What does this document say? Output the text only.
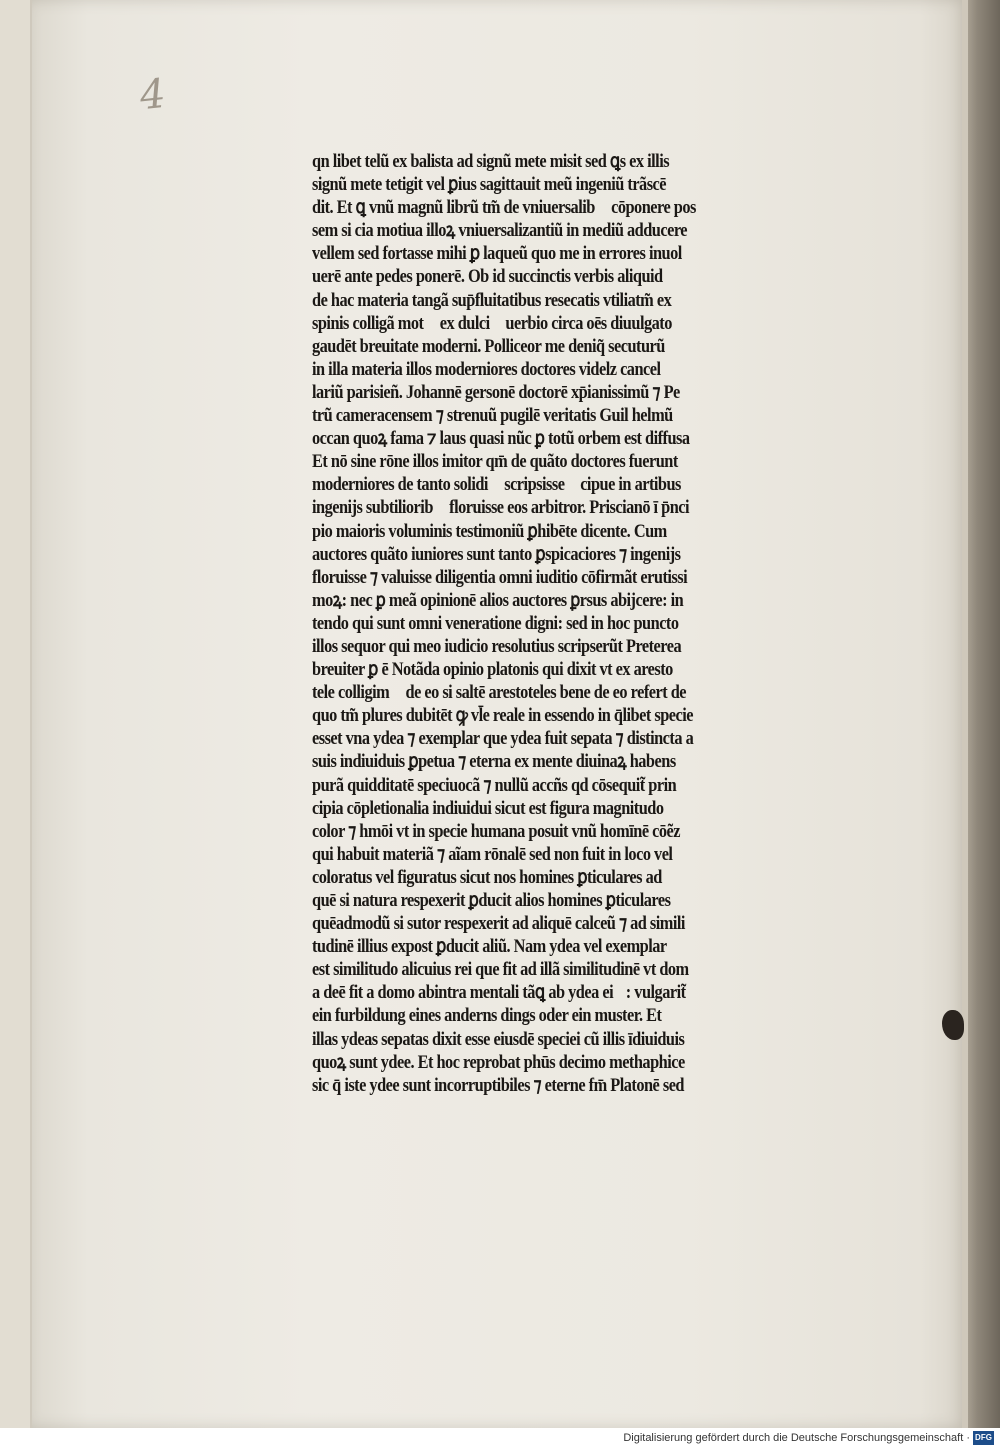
4
qn libet telũ ex balista ad signũ mete misit sed ꝗs ex illis
signũ mete tetigit vel ꝑius sagittauit meũ ingeniũ trãscē
dit. Et ꝗ vnũ magnũ librũ tm̃ de vniuersalib᷒ cōponere pos
sem si cia motiua illoꝝ vniuersalizantiũ in mediũ adducere
vellem sed fortasse mihi ꝑ laqueũ quo me in errores inuol
uerē ante pedes ponerē. Ob id succinctis verbis aliquid
de hac materia tangã sup̄fluitatibus resecatis vtiliatm̃ ex
spinis colligã mot᷒ ex dulci ꝓuerbio circa oēs diuulgato
gaudēt breuitate moderni. Polliceor me deniq̃ secuturũ
in illa materia illos moderniores doctores videlz cancel
lariũ parisieñ. Johannē gersonē doctorē xp̄ianissimũ ⁊ Pe
trũ cameracensem ⁊ strenuũ pugilē veritatis Guil helmũ
occan quoꝝ fama ⁊ laus quasi nũc ꝑ totũ orbem est diffusa
Et nō sine rōne illos imitor qm̄ de quãto doctores fuerunt
moderniores de tanto solidi᷒ scripsisse ꝑcipue in artibus ⁊
ingenijs subtiliorib᷒ floruisse eos arbitror. Priscianō ī p̄nci
pio maioris voluminis testimoniũ ꝑhibēte dicente. Cum᷒
auctores quãto iuniores sunt tanto ꝑspicaciores ⁊ ingenijs
floruisse ⁊ valuisse diligentia omni iuditio cōfirmãt erutissi
moꝝ: nec ꝑ meã opinionē alios auctores ꝑrsus abijcere: in
tendo qui sunt omni veneratione digni: sed in hoc puncto
illos sequor qui meo iudicio resolutius scripserũt Preterea
breuiter ꝑ ē Notãda opinio platonis qui dixit vt ex aresto
tele colligim᷒ de eo si saltē arestoteles bene de eo refert de
quo tm̃ plures dubitēt ꝙ vl̄e reale in essendo in q̄libet specie
esset vna ydea ⁊ exemplar que ydea fuit sepata ⁊ distincta a
suis indiuiduis ꝑpetua ⁊ eterna ex mente diuinaꝝ habens
purã quidditatē speciuocã ⁊ nullũ accñs qd cōsequit̃ prin
cipia cōpletionalia indiuidui sicut est figura magnitudo
color ⁊ hmōi vt in specie humana posuit vnũ homīnē cōẽz
qui habuit materiã ⁊ aĩam rōnalē sed non fuit in loco vel
coloratus vel figuratus sicut nos homines ꝑticulares ad
quē si natura respexerit ꝑducit alios homines ꝑticulares
quēadmodũ si sutor respexerit ad aliquē calceũ ⁊ ad simili
tudinē illius expost ꝑducit aliũ. Nam ydea vel exemplar
est similitudo alicuius rei que fit ad illã similitudinē vt dom᷒
a deē fit a domo abintra mentali tãꝗ ab ydea ei᷒: vulgarit̃
ein furbildung eines anderns dings oder ein muster. Et
illas ydeas sepatas dixit esse eiusdē speciei cũ illis īdiuiduis
quoꝝ sunt ydee. Et hoc reprobat phūs decimo methaphice
sic q̄ iste ydee sunt incorruptibiles ⁊ eterne fm̄ Platonē sed
Digitalisierung gefördert durch die Deutsche Forschungsgemeinschaft · DFG
